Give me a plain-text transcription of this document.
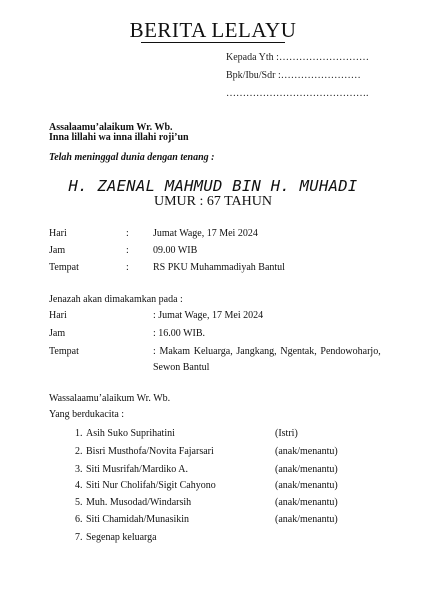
BERITA LELAYU
Kepada Yth :………………………
Bpk/Ibu/Sdr :……………………
…………………………………….
Assalaamu’alaikum Wr. Wb.
Inna lillahi wa inna illahi roji’un
Telah meninggal dunia dengan tenang :
H. ZAENAL MAHMUD BIN H. MUHADI
UMUR : 67 TAHUN
Hari	: Jumat Wage, 17 Mei 2024
Jam	: 09.00 WIB
Tempat	: RS PKU Muhammadiyah Bantul
Jenazah akan dimakamkan pada :
Hari	: Jumat Wage, 17 Mei 2024
Jam	: 16.00 WIB.
Tempat	: Makam Keluarga, Jangkang, Ngentak, Pendowoharjo,
Sewon Bantul
Wassalaamu’alaikum Wr. Wb.
Yang berdukacita :
1. Asih Suko Suprihatini	(Istri)
2. Bisri Musthofa/Novita Fajarsari	(anak/menantu)
3. Siti Musrifah/Mardiko A.	(anak/menantu)
4. Siti Nur Cholifah/Sigit Cahyono	(anak/menantu)
5. Muh. Musodad/Windarsih	(anak/menantu)
6. Siti Chamidah/Munasikin	(anak/menantu)
7. Segenap keluarga
